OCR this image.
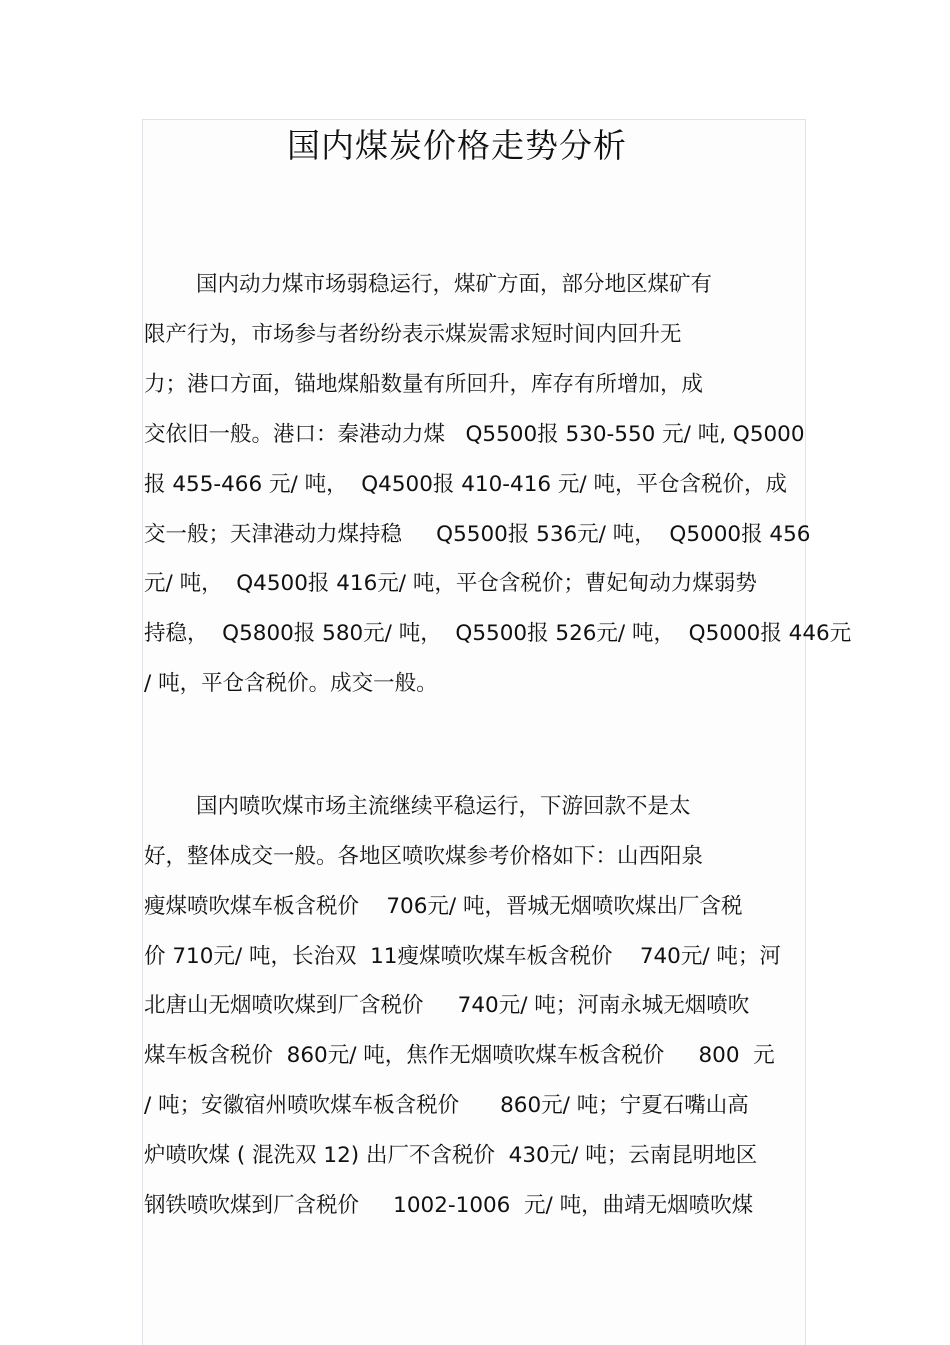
国内煤炭价格走势分析

国内动力煤市场弱稳运行，煤矿方面，部分地区煤矿有

限产行为，市场参与者纷纷表示煤炭需求短时间内回升无

力；港口方面，锚地煤船数量有所回升，库存有所增加，成

交依旧一般。港口：秦港动力煤   Q5500报 530-550 元/ 吨, Q5000

报 455-466 元/ 吨，  Q4500报 410-416 元/ 吨，平仓含税价，成

交一般；天津港动力煤持稳     Q5500报 536元/ 吨，  Q5000报 456

元/ 吨，  Q4500报 416元/ 吨，平仓含税价；曹妃甸动力煤弱势

持稳，  Q5800报 580元/ 吨，  Q5500报 526元/ 吨，  Q5000报 446元

/ 吨，平仓含税价。成交一般。

国内喷吹煤市场主流继续平稳运行，下游回款不是太

好，整体成交一般。各地区喷吹煤参考价格如下：山西阳泉

瘦煤喷吹煤车板含税价    706元/ 吨，晋城无烟喷吹煤出厂含税

价 710元/ 吨，长治双  11瘦煤喷吹煤车板含税价    740元/ 吨；河

北唐山无烟喷吹煤到厂含税价     740元/ 吨；河南永城无烟喷吹

煤车板含税价  860元/ 吨，焦作无烟喷吹煤车板含税价     800  元

/ 吨；安徽宿州喷吹煤车板含税价      860元/ 吨；宁夏石嘴山高

炉喷吹煤 ( 混洗双 12) 出厂不含税价  430元/ 吨；云南昆明地区

钢铁喷吹煤到厂含税价     1002-1006  元/ 吨，曲靖无烟喷吹煤
